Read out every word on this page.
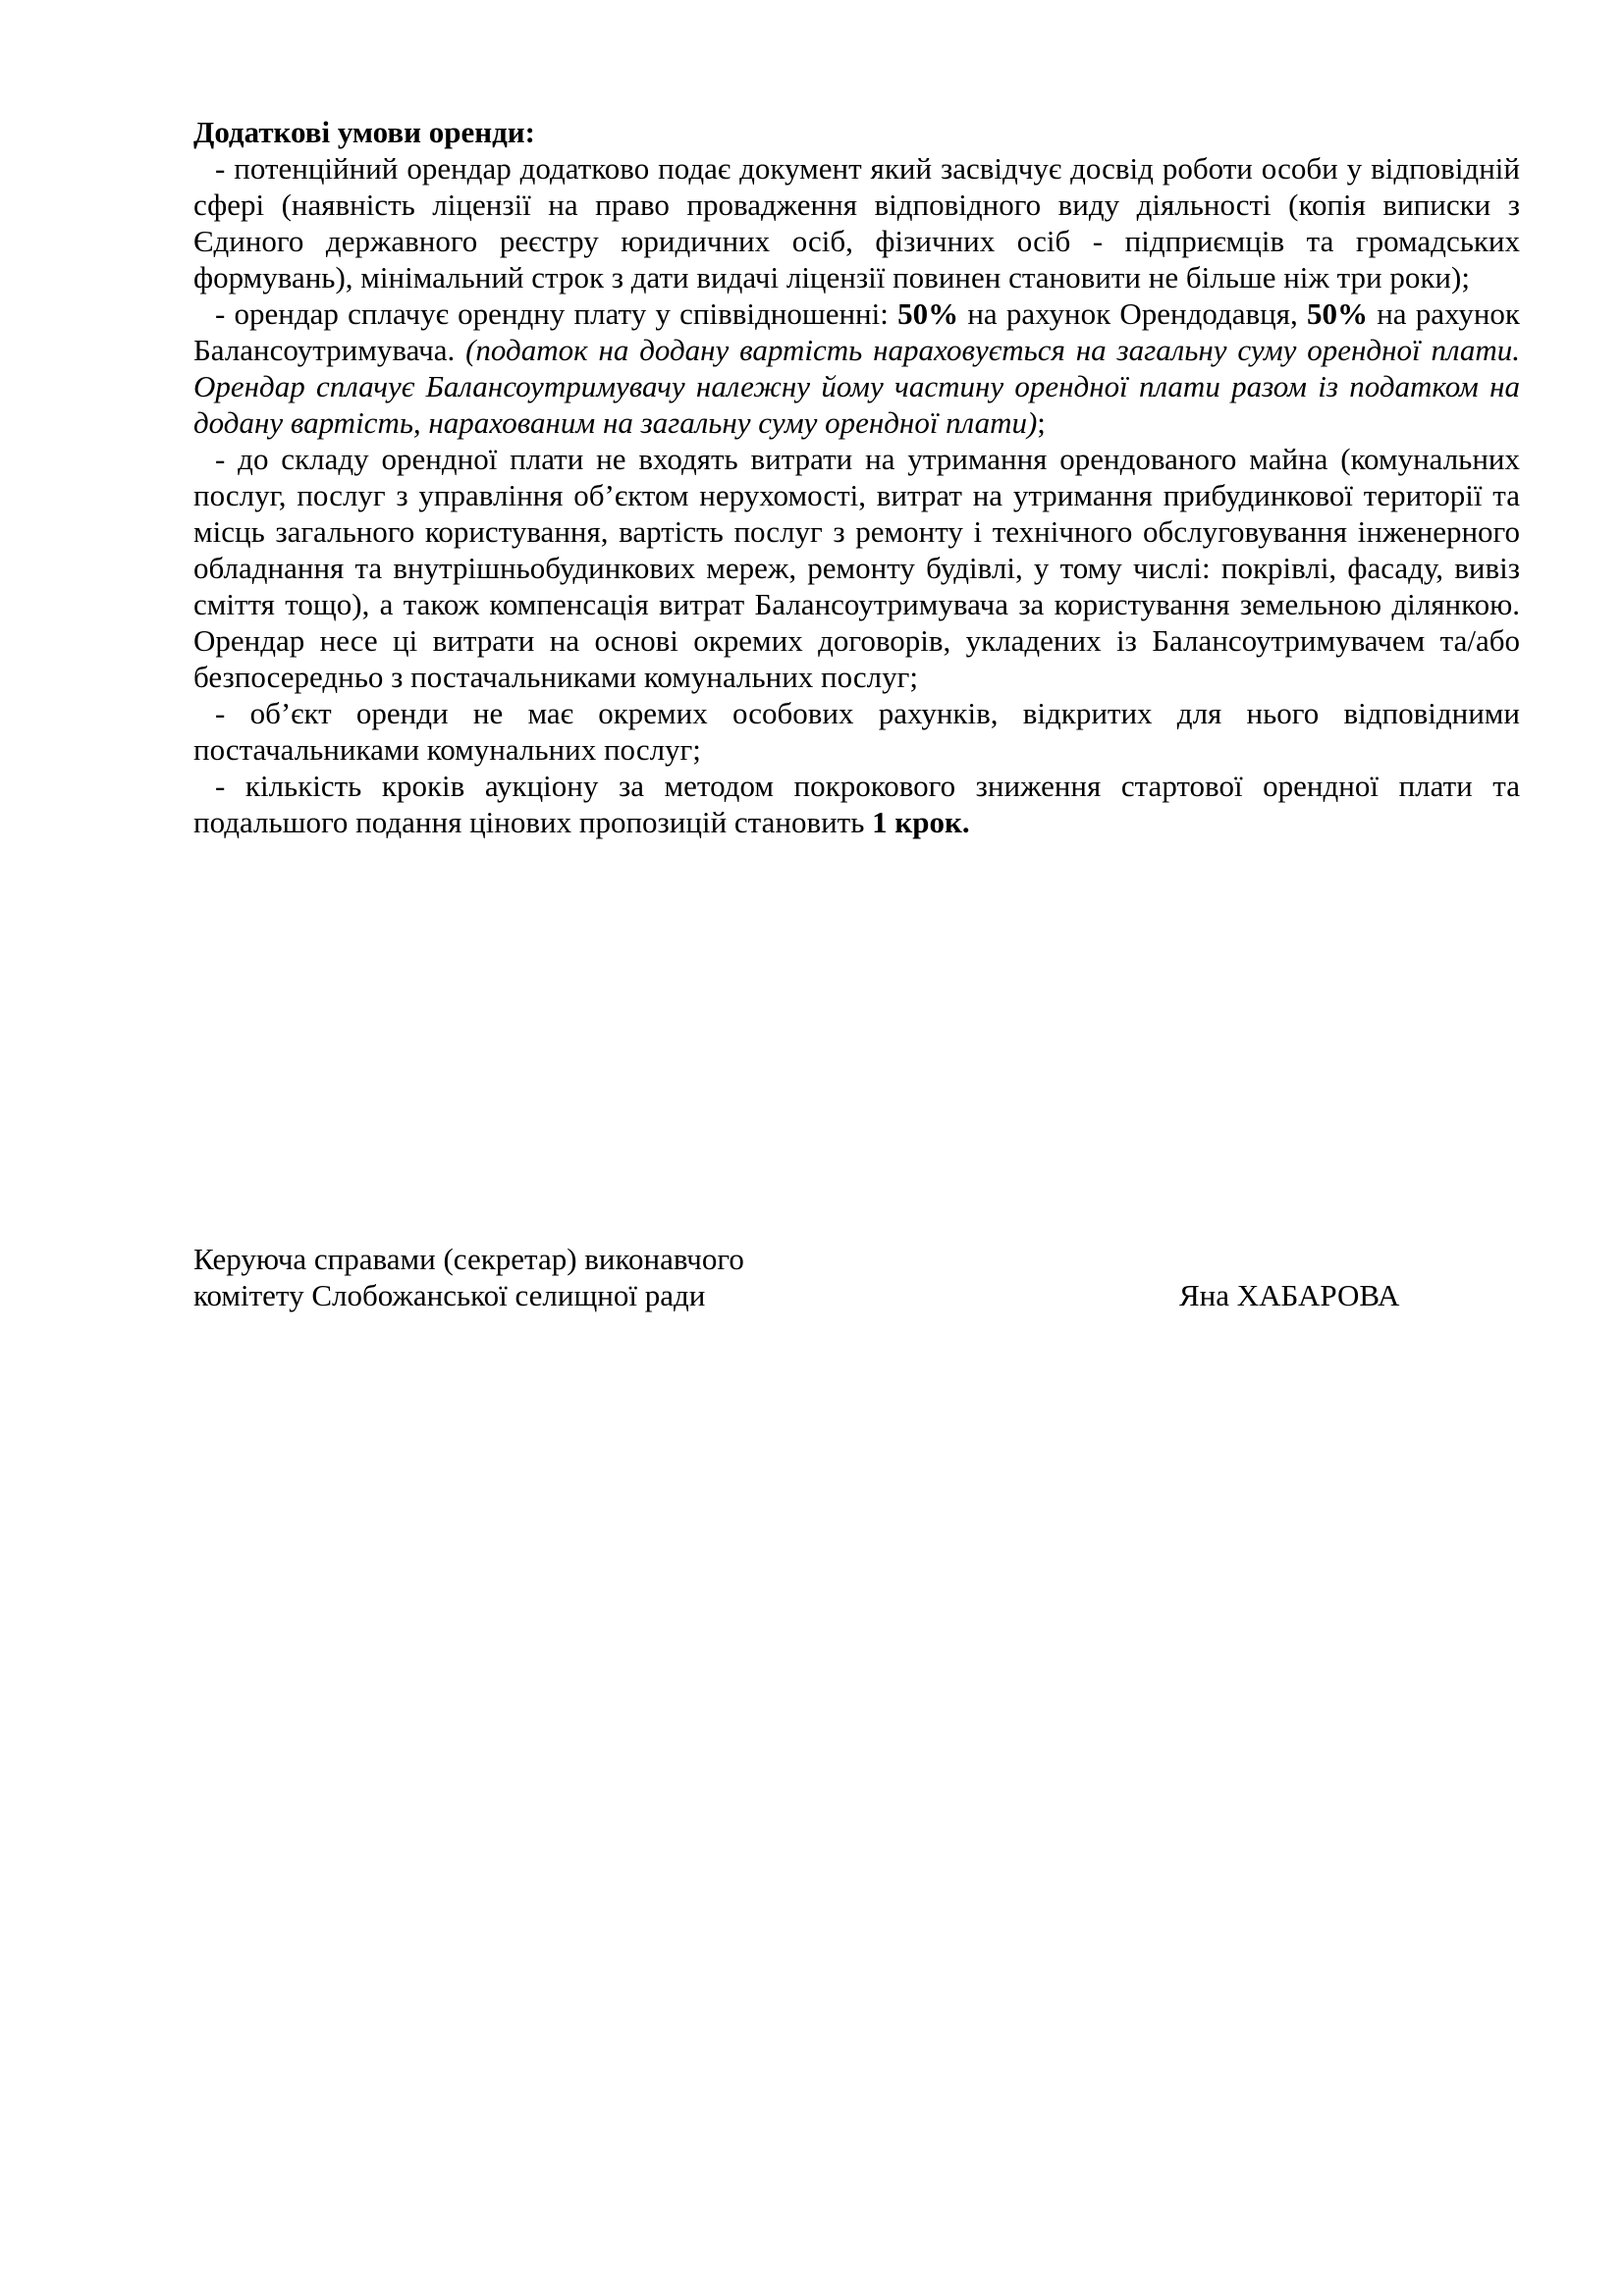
Додаткові умови оренди:

- потенційний орендар додатково подає документ який засвідчує досвід роботи особи у відповідній сфері (наявність ліцензії на право провадження відповідного виду діяльності (копія виписки з Єдиного державного реєстру юридичних осіб, фізичних осіб - підприємців та громадських формувань), мінімальний строк з дати видачі ліцензії повинен становити не більше ніж три роки);

- орендар сплачує орендну плату у співвідношенні: 50% на рахунок Орендодавця, 50% на рахунок Балансоутримувача. (податок на додану вартість нараховується на загальну суму орендної плати. Орендар сплачує Балансоутримувачу належну йому частину орендної плати разом із податком на додану вартість, нарахованим на загальну суму орендної плати);

- до складу орендної плати не входять витрати на утримання орендованого майна (комунальних послуг, послуг з управління об’єктом нерухомості, витрат на утримання прибудинкової території та місць загального користування, вартість послуг з ремонту і технічного обслуговування інженерного обладнання та внутрішньобудинкових мереж, ремонту будівлі, у тому числі: покрівлі, фасаду, вивіз сміття тощо), а також компенсація витрат Балансоутримувача за користування земельною ділянкою. Орендар несе ці витрати на основі окремих договорів, укладених із Балансоутримувачем та/або безпосередньо з постачальниками комунальних послуг;

- об’єкт оренди не має окремих особових рахунків, відкритих для нього відповідними постачальниками комунальних послуг;

- кількість кроків аукціону за методом покрокового зниження стартової орендної плати та подальшого подання цінових пропозицій становить 1 крок.

Керуюча справами (секретар) виконавчого

комітету Слобожанської селищної ради	Яна ХАБАРОВА
